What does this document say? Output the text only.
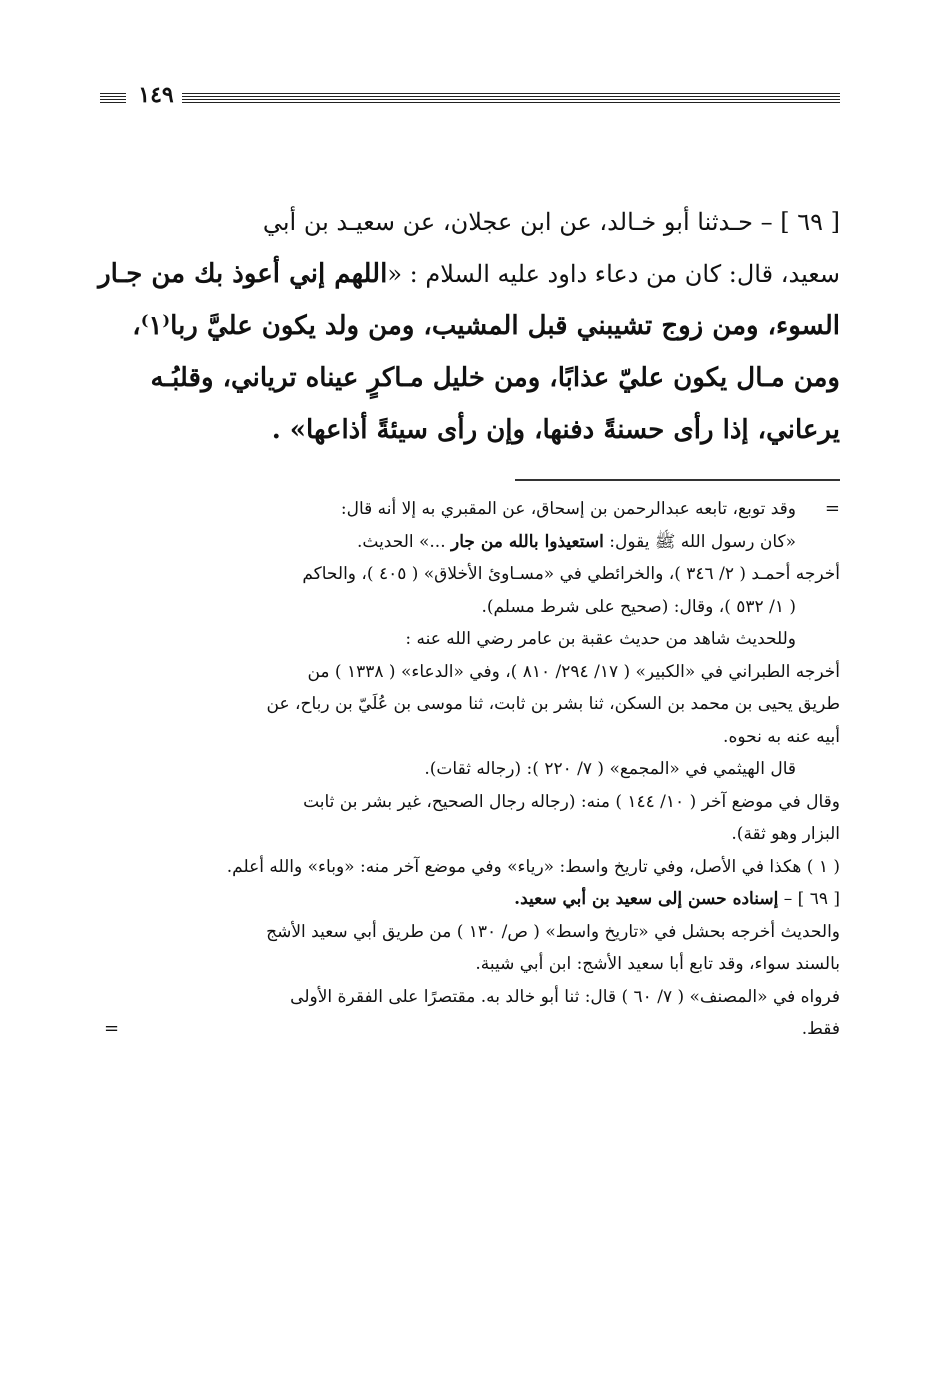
١٤٩
[ ٦٩ ] – حـدثنا أبو خـالد، عن ابن عجلان، عن سعيـد بن أبي
سعيد، قال: كان من دعاء داود عليه السلام : «اللهم إني أعوذ بك من جـار
السوء، ومن زوج تشيبني قبل المشيب، ومن ولد يكون عليَّ ربا⁽١⁾،
ومن مـال يكون عليّ عذابًا، ومن خليل مـاكرٍ عيناه ترياني، وقلبُـه
يرعاني، إذا رأى حسنةً دفنها، وإن رأى سيئةً أذاعها» .
=
وقد توبع، تابعه عبدالرحمن بن إسحاق، عن المقبري به إلا أنه قال:
«كان رسول الله ﷺ يقول: استعيذوا بالله من جار ...» الحديث.
أخرجه أحمـد ( ٢/ ٣٤٦ )، والخرائطي في «مسـاوئ الأخلاق» ( ٤٠٥ )، والحاكم
( ١/ ٥٣٢ )، وقال: (صحيح على شرط مسلم).
وللحديث شاهد من حديث عقبة بن عامر رضي الله عنه :
أخرجه الطبراني في «الكبير» ( ١٧/ ٢٩٤/ ٨١٠ )، وفي «الدعاء» ( ١٣٣٨ ) من
طريق يحيى بن محمد بن السكن، ثنا بشر بن ثابت، ثنا موسى بن عُلَيّ بن رباح، عن
أبيه عنه به نحوه.
قال الهيثمي في «المجمع» ( ٧/ ٢٢٠ ): (رجاله ثقات).
وقال في موضع آخر ( ١٠/ ١٤٤ ) منه: (رجاله رجال الصحيح، غير بشر بن ثابت
البزار وهو ثقة).
( ١ ) هكذا في الأصل، وفي تاريخ واسط: «رياء» وفي موضع آخر منه: «وباء» والله أعلم.
[ ٦٩ ] – إسناده حسن إلى سعيد بن أبي سعيد.
والحديث أخرجه بحشل في «تاريخ واسط» ( ص/ ١٣٠ ) من طريق أبي سعيد الأشج
بالسند سواء، وقد تابع أبا سعيد الأشج: ابن أبي شيبة.
فرواه في «المصنف» ( ٧/ ٦٠ ) قال: ثنا أبو خالد به. مقتصرًا على الفقرة الأولى
فقط.
=
